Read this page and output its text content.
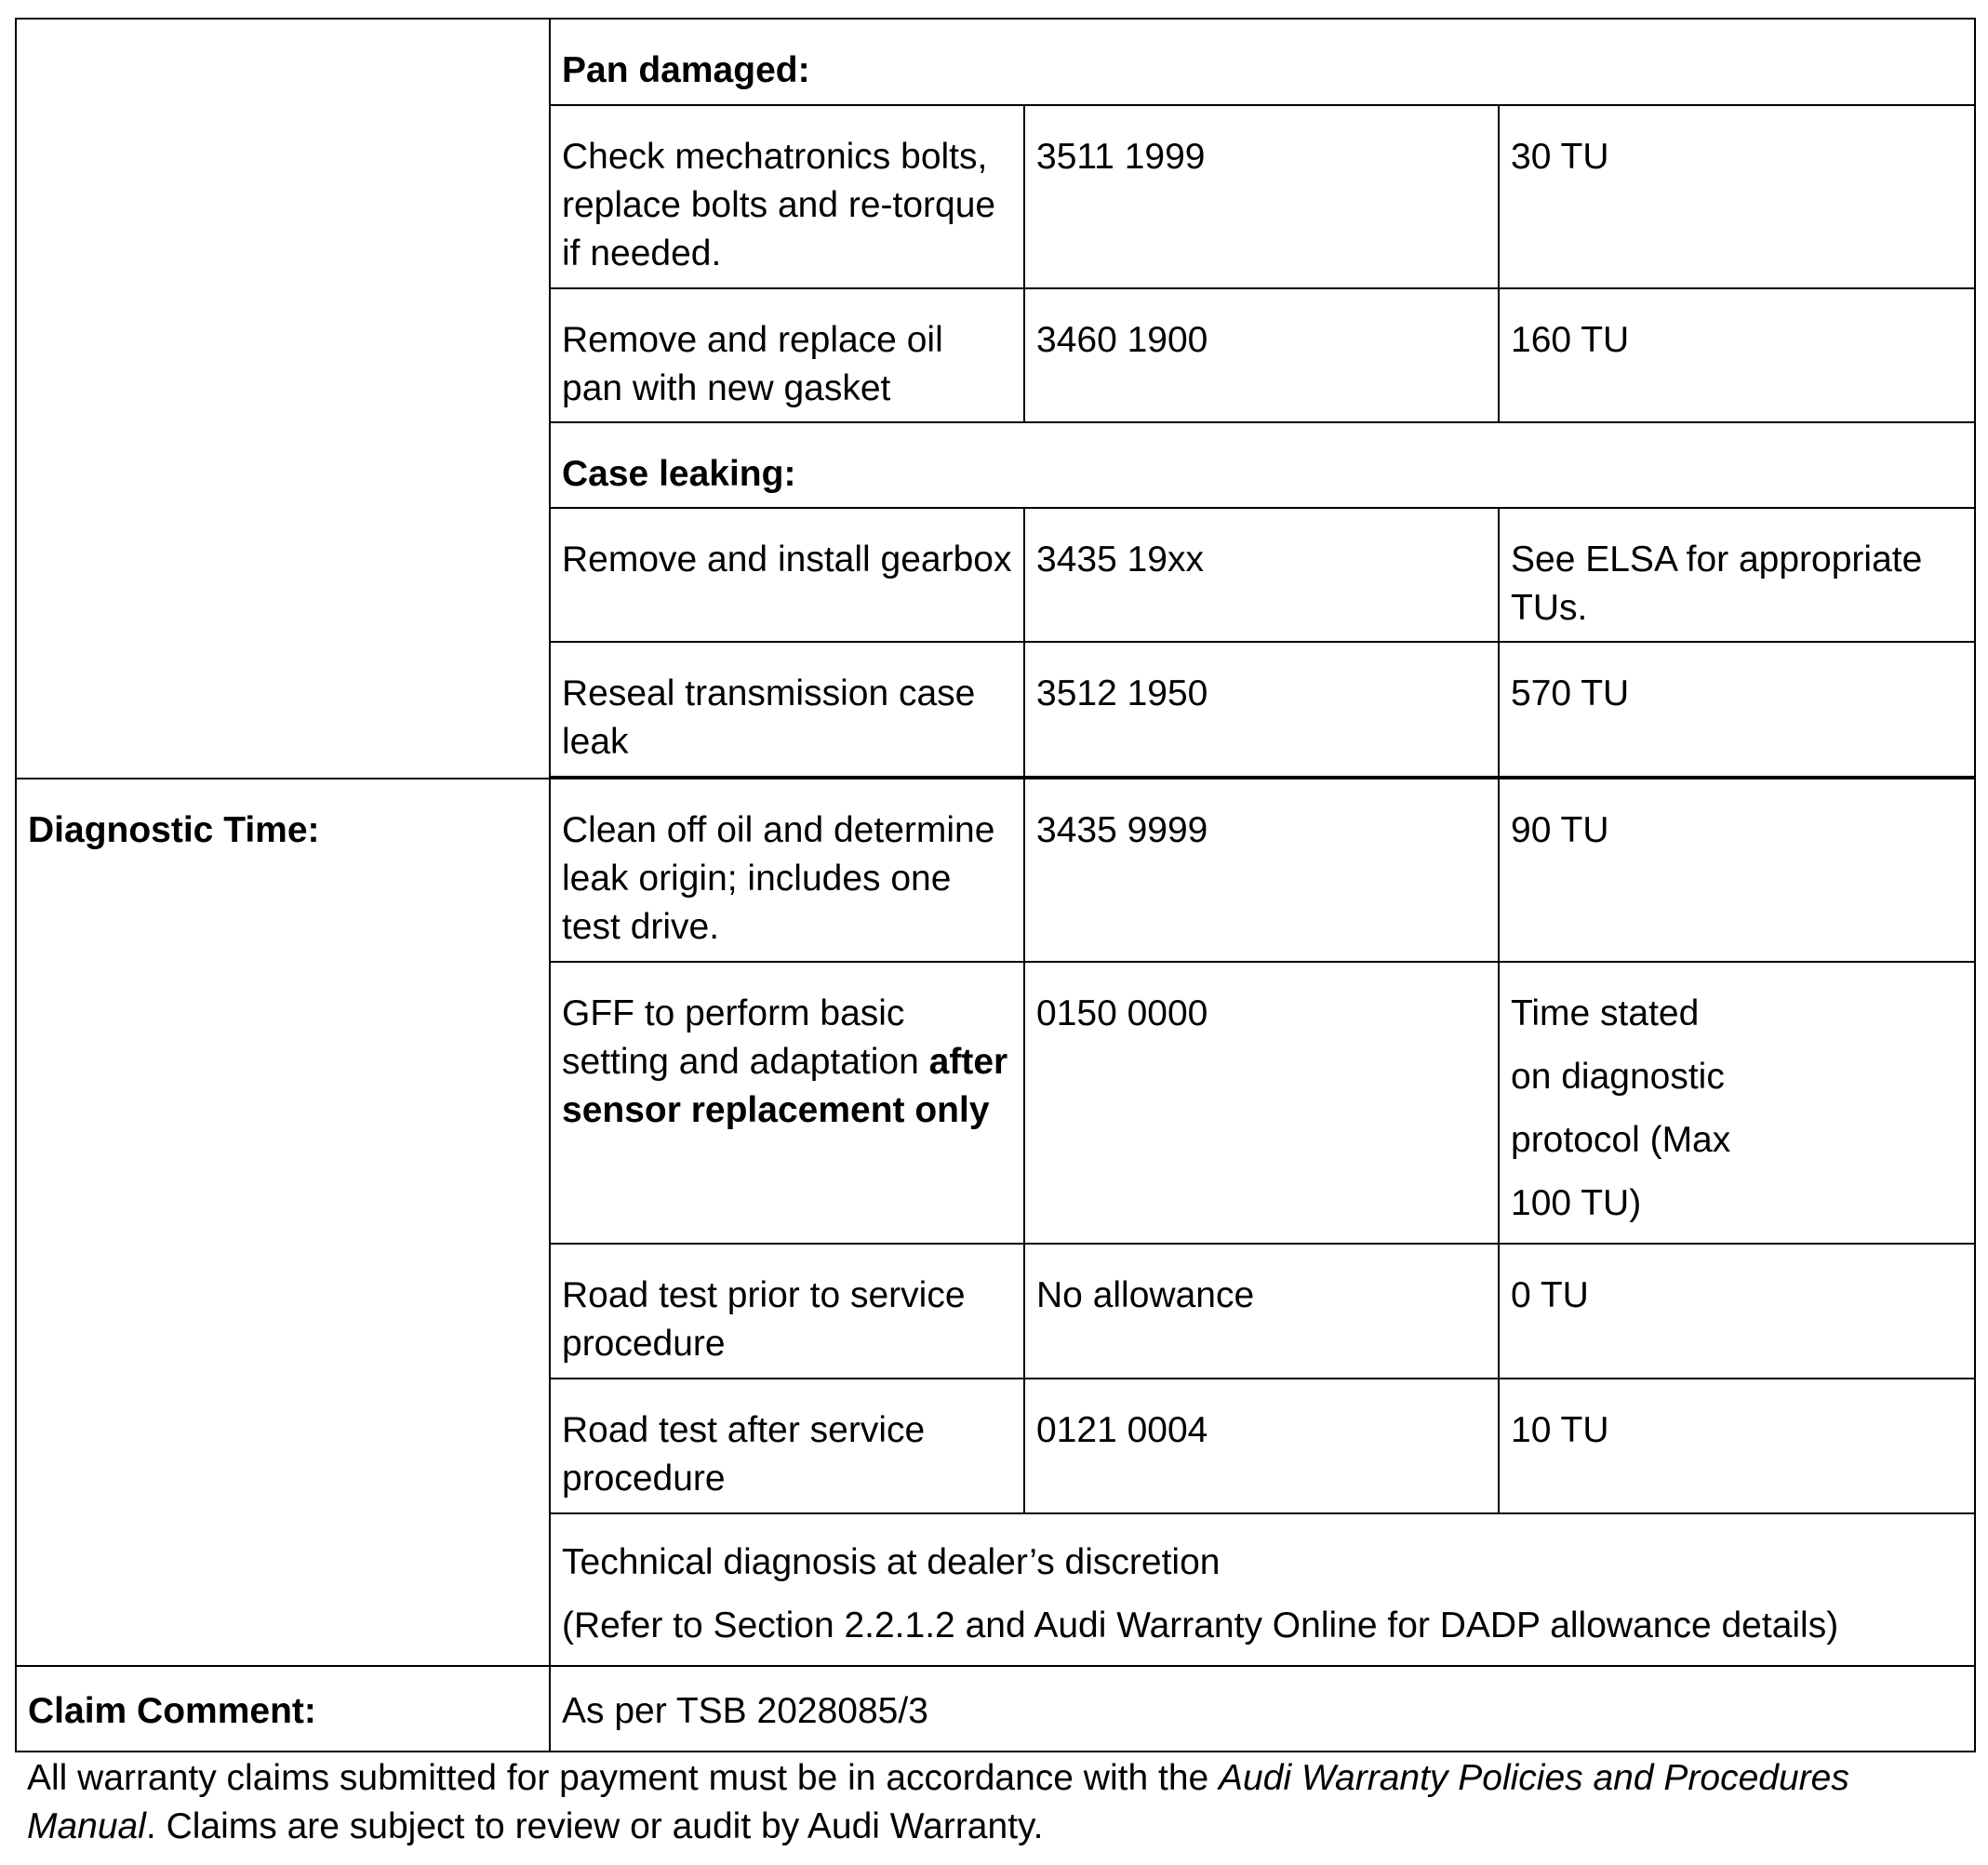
	Pan damaged:		
	Check mechatronics bolts, replace bolts and re-torque if needed.	3511 1999	30 TU
	Remove and replace oil pan with new gasket	3460 1900	160 TU
	Case leaking:		
	Remove and install gearbox	3435 19xx	See ELSA for appropriate TUs.
	Reseal transmission case leak	3512 1950	570 TU

Diagnostic Time:	Clean off oil and determine leak origin; includes one test drive.	3435 9999	90 TU
	GFF to perform basic setting and adaptation after sensor replacement only	0150 0000	Time stated
on diagnostic
protocol (Max
100 TU)

	Road test prior to service procedure	No allowance	0 TU
	Road test after service procedure	0121 0004	10 TU

	Technical diagnosis at dealer’s discretion
(Refer to Section 2.2.1.2 and Audi Warranty Online for DADP allowance details)		

Claim Comment:	As per TSB 2028085/3		
All warranty claims submitted for payment must be in accordance with the Audi Warranty Policies and Procedures Manual. Claims are subject to review or audit by Audi Warranty.
